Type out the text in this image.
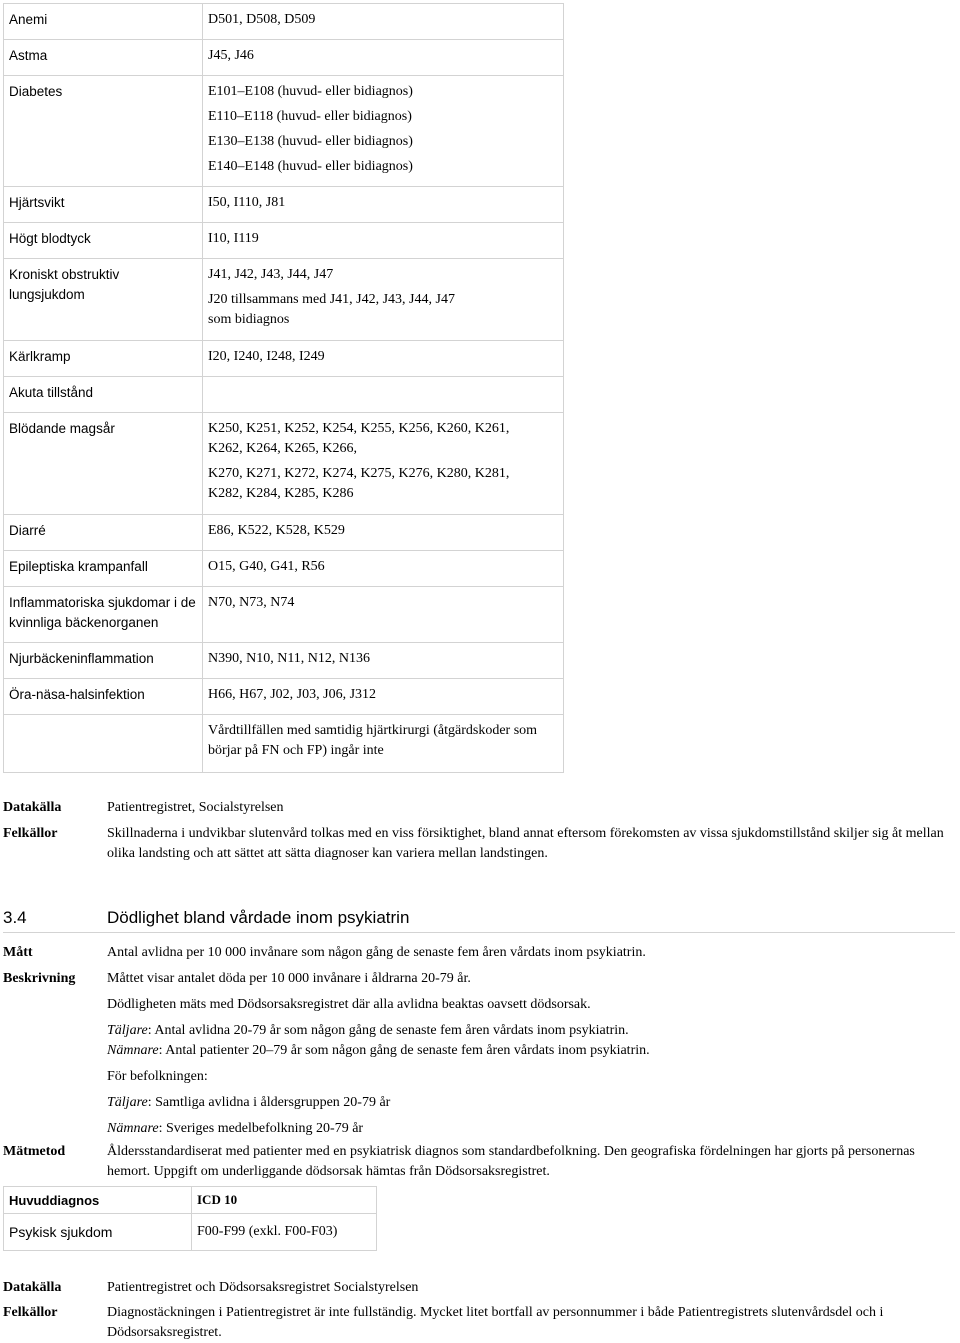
Anemi	D501, D508, D509

Astma	J45, J46

Diabetes	E101–E108 (huvud- eller bidiagnos)
E110–E118 (huvud- eller bidiagnos)
E130–E138 (huvud- eller bidiagnos)
E140–E148 (huvud- eller bidiagnos)

Hjärtsvikt	I50, I110, J81

Högt blodtyck	I10, I119

Kroniskt obstruktiv lungsjukdom	J41, J42, J43, J44, J47
J20 tillsammans med J41, J42, J43, J44, J47 som bidiagnos

Kärlkramp	I20, I240, I248, I249

Akuta tillstånd	
Blödande magsår	K250, K251, K252, K254, K255, K256, K260, K261, K262, K264, K265, K266,
K270, K271, K272, K274, K275, K276, K280, K281, K282, K284, K285, K286

Diarré	E86, K522, K528, K529

Epileptiska krampanfall	O15, G40, G41, R56

Inflammatoriska sjukdomar i de kvinnliga bäckenorganen	N70, N73, N74

Njurbäckeninflammation	N390, N10, N11, N12, N136

Öra-näsa-halsinfektion	H66, H67, J02, J03, J06, J312

	Vårdtillfällen med samtidig hjärtkirurgi (åtgärdskoder som börjar på FN och FP) ingår inte
Datakälla	Patientregistret, Socialstyrelsen
Felkällor	Skillnaderna i undvikbar slutenvård tolkas med en viss försiktighet, bland annat eftersom förekomsten av vissa sjukdomstillstånd skiljer sig åt mellan olika landsting och att sättet att sätta diagnoser kan variera mellan landstingen.
3.4	Dödlighet bland vårdade inom psykiatrin
Mått	Antal avlidna per 10 000 invånare som någon gång de senaste fem åren vårdats inom psykiatrin.
Beskrivning Måttet visar antalet döda per 10 000 invånare i åldrarna 20-79 år.
Dödligheten mäts med Dödsorsaksregistret där alla avlidna beaktas oavsett dödsorsak.
Täljare: Antal avlidna 20-79 år som någon gång de senaste fem åren vårdats inom psykiatrin.
Nämnare: Antal patienter 20–79 år som någon gång de senaste fem åren vårdats inom psykiatrin.
För befolkningen:
Täljare: Samtliga avlidna i åldersgruppen 20-79 år
Nämnare: Sveriges medelbefolkning 20-79 år
Mätmetod	Åldersstandardiserat med patienter med en psykiatrisk diagnos som standardbefolkning. Den geografiska fördelningen har gjorts på personernas hemort. Uppgift om underliggande dödsorsak hämtas från Dödsorsaksregistret.
Huvuddiagnos	ICD 10
Psykisk sjukdom	F00-F99 (exkl. F00-F03)
Datakälla	Patientregistret och Dödsorsaksregistret Socialstyrelsen
Felkällor	Diagnostäckningen i Patientregistret är inte fullständig. Mycket litet bortfall av personnummer i både Patientregistrets slutenvårdsdel och i Dödsorsaksregistret.
